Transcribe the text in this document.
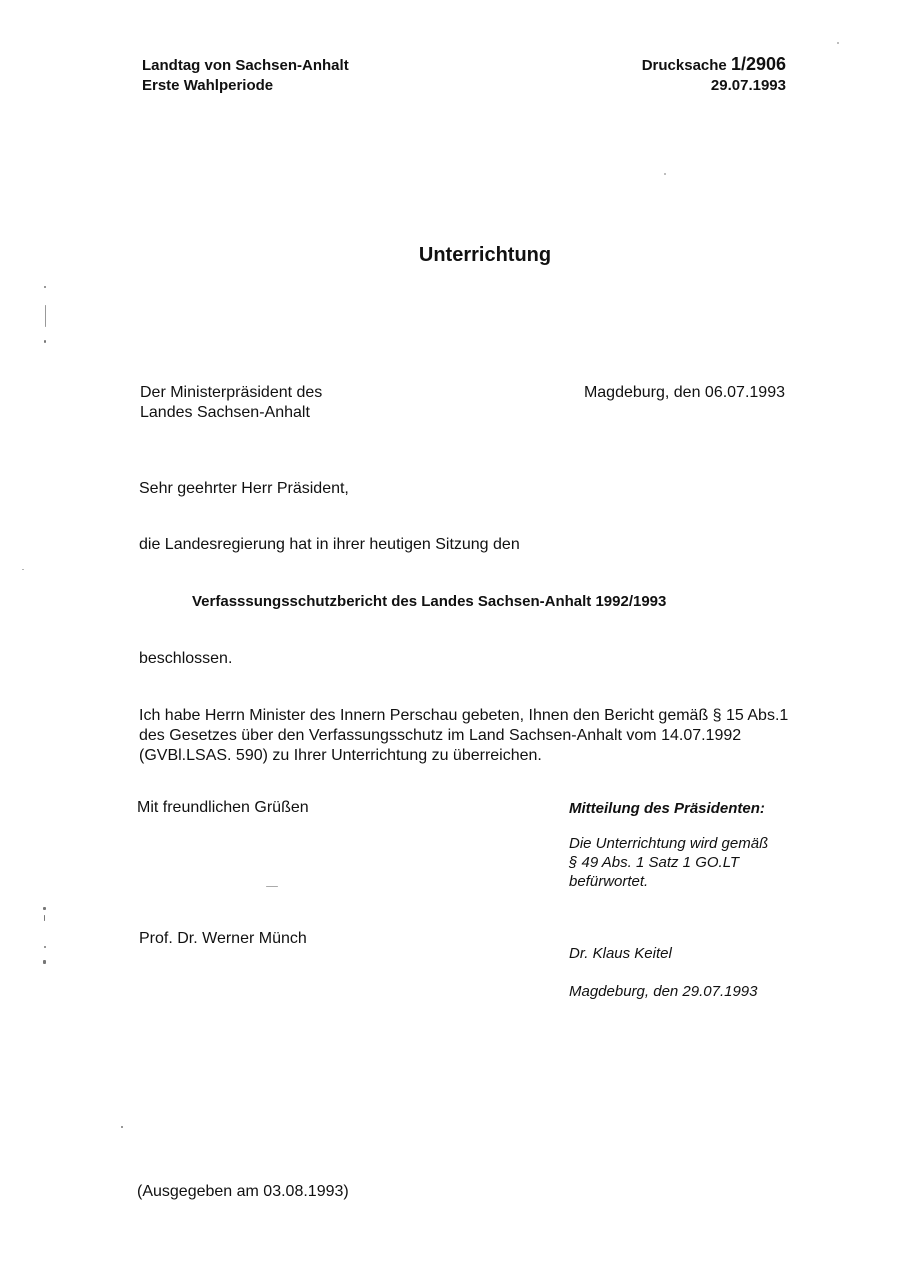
Landtag von Sachsen-Anhalt
Erste Wahlperiode
Drucksache 1/2906
29.07.1993
Unterrichtung
Der Ministerpräsident des
Landes Sachsen-Anhalt
Magdeburg, den 06.07.1993
Sehr geehrter Herr Präsident,
die Landesregierung hat in ihrer heutigen Sitzung den
Verfasssungsschutzbericht des Landes Sachsen-Anhalt 1992/1993
beschlossen.
Ich habe Herrn Minister des Innern Perschau gebeten, Ihnen den Bericht gemäß § 15 Abs.1
des Gesetzes über den Verfassungsschutz im Land Sachsen-Anhalt vom 14.07.1992
(GVBl.LSAS. 590) zu Ihrer Unterrichtung zu überreichen.
Mit freundlichen Grüßen
Prof. Dr. Werner Münch
Mitteilung des Präsidenten:
Die Unterrichtung wird gemäß
§ 49 Abs. 1 Satz 1 GO.LT
befürwortet.
Dr. Klaus Keitel
Magdeburg, den 29.07.1993
(Ausgegeben am 03.08.1993)
